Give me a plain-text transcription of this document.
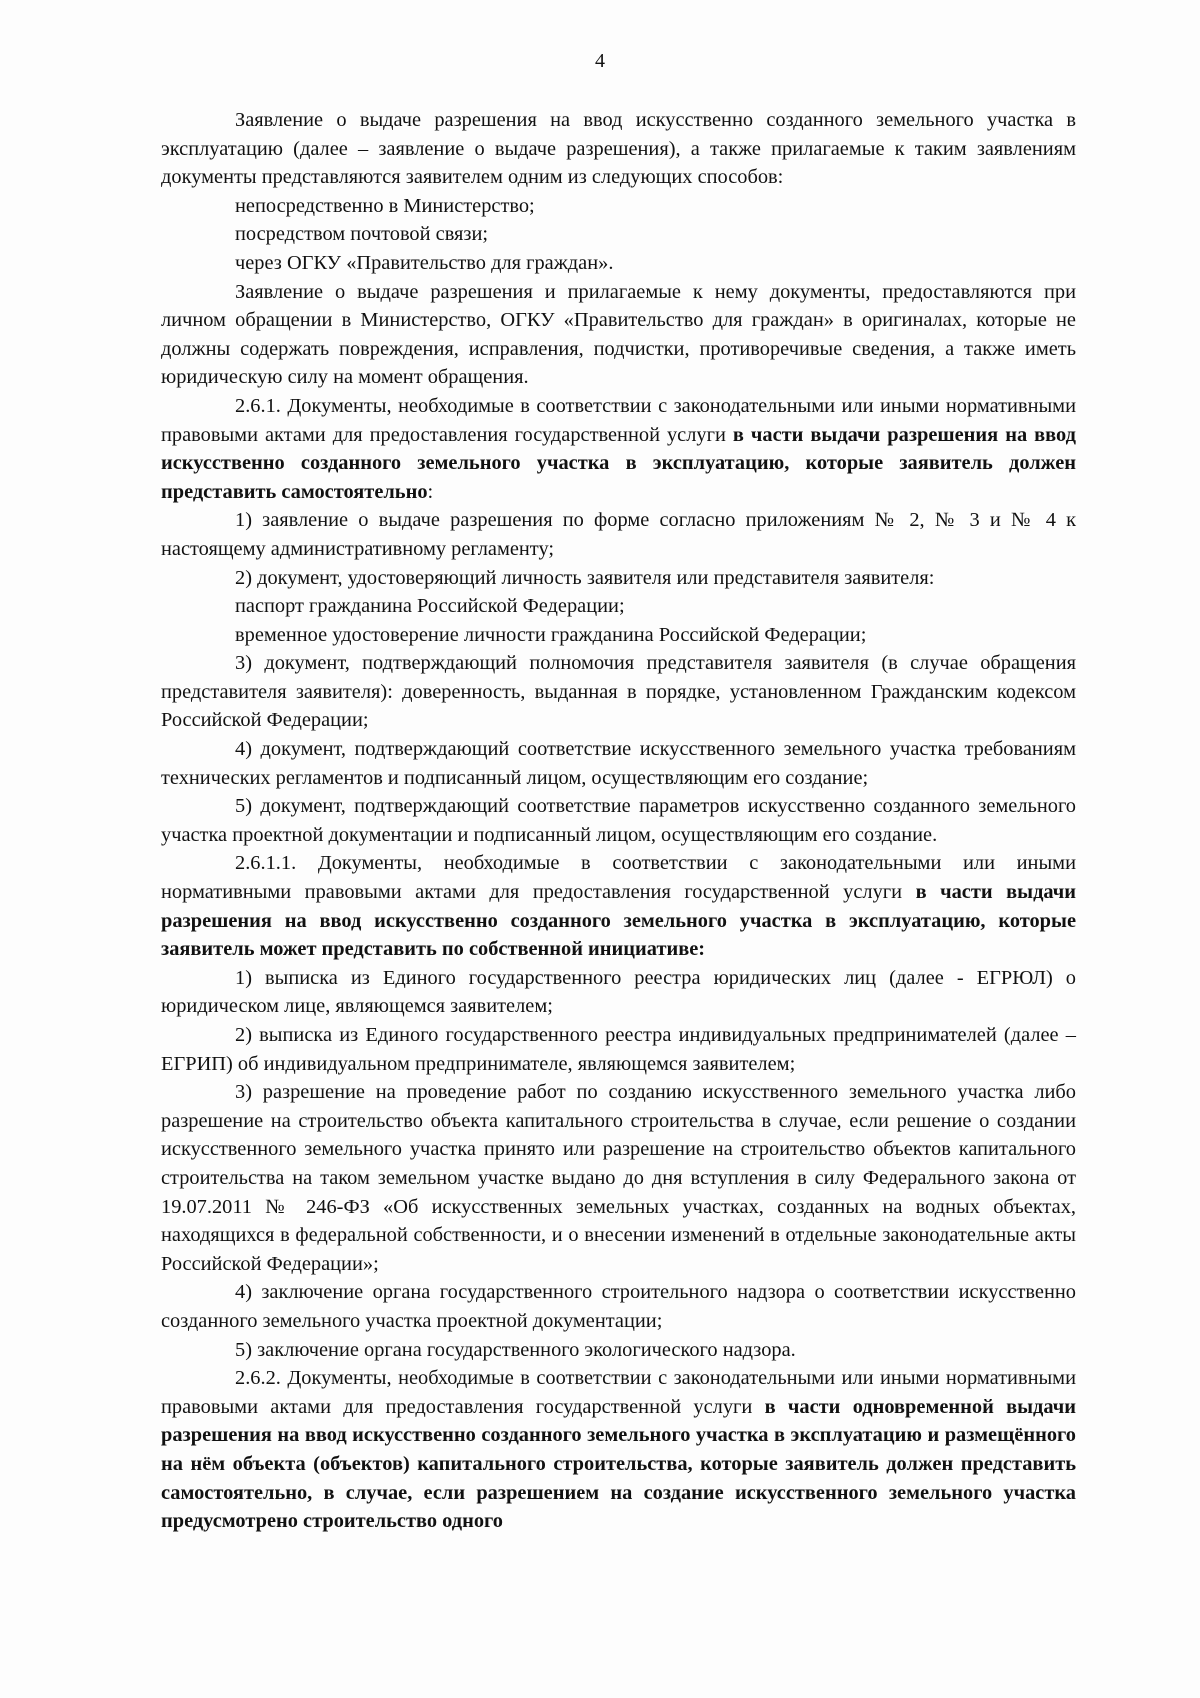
4

Заявление о выдаче разрешения на ввод искусственно созданного земельного участка в эксплуатацию (далее – заявление о выдаче разрешения), а также прилагаемые к таким заявлениям документы представляются заявителем одним из следующих способов:

непосредственно в Министерство;

посредством почтовой связи;

через ОГКУ «Правительство для граждан».

Заявление о выдаче разрешения и прилагаемые к нему документы, предоставляются при личном обращении в Министерство, ОГКУ «Правительство для граждан» в оригиналах, которые не должны содержать повреждения, исправления, подчистки, противоречивые сведения, а также иметь юридическую силу на момент обращения.

2.6.1. Документы, необходимые в соответствии с законодательными или иными нормативными правовыми актами для предоставления государственной услуги в части выдачи разрешения на ввод искусственно созданного земельного участка в эксплуатацию, которые заявитель должен представить самостоятельно:

1) заявление о выдаче разрешения по форме согласно приложениям № 2, № 3 и № 4 к настоящему административному регламенту;

2) документ, удостоверяющий личность заявителя или представителя заявителя:

паспорт гражданина Российской Федерации;

временное удостоверение личности гражданина Российской Федерации;

3) документ, подтверждающий полномочия представителя заявителя (в случае обращения представителя заявителя): доверенность, выданная в порядке, установленном Гражданским кодексом Российской Федерации;

4) документ, подтверждающий соответствие искусственного земельного участка требованиям технических регламентов и подписанный лицом, осуществляющим его создание;

5) документ, подтверждающий соответствие параметров искусственно созданного земельного участка проектной документации и подписанный лицом, осуществляющим его создание.

2.6.1.1. Документы, необходимые в соответствии с законодательными или иными нормативными правовыми актами для предоставления государственной услуги в части выдачи разрешения на ввод искусственно созданного земельного участка в эксплуатацию, которые заявитель может представить по собственной инициативе:

1) выписка из Единого государственного реестра юридических лиц (далее - ЕГРЮЛ) о юридическом лице, являющемся заявителем;

2) выписка из Единого государственного реестра индивидуальных предпринимателей (далее – ЕГРИП) об индивидуальном предпринимателе, являющемся заявителем;

3) разрешение на проведение работ по созданию искусственного земельного участка либо разрешение на строительство объекта капитального строительства в случае, если решение о создании искусственного земельного участка принято или разрешение на строительство объектов капитального строительства на таком земельном участке выдано до дня вступления в силу Федерального закона от 19.07.2011 № 246-ФЗ «Об искусственных земельных участках, созданных на водных объектах, находящихся в федеральной собственности, и о внесении изменений в отдельные законодательные акты Российской Федерации»;

4) заключение органа государственного строительного надзора о соответствии искусственно созданного земельного участка проектной документации;

5) заключение органа государственного экологического надзора.

2.6.2. Документы, необходимые в соответствии с законодательными или иными нормативными правовыми актами для предоставления государственной услуги в части одновременной выдачи разрешения на ввод искусственно созданного земельного участка в эксплуатацию и размещённого на нём объекта (объектов) капитального строительства, которые заявитель должен представить самостоятельно, в случае, если разрешением на создание искусственного земельного участка предусмотрено строительство одного
